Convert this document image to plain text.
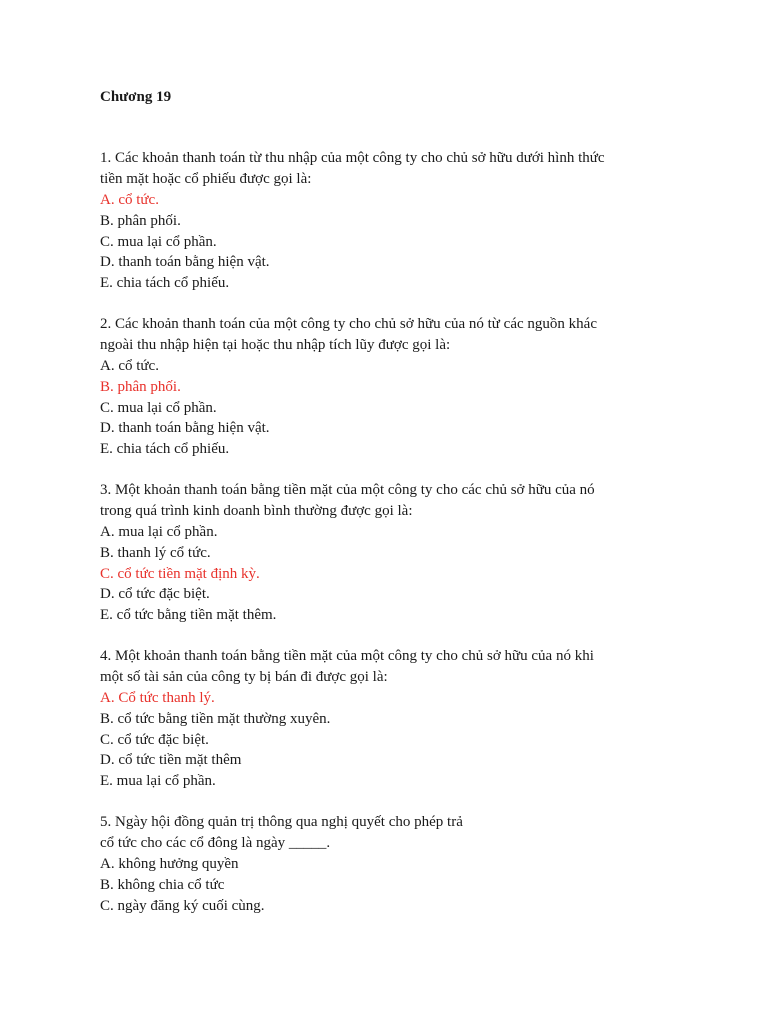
Chương 19

1. Các khoản thanh toán từ thu nhập của một công ty cho chủ sở hữu dưới hình thức

tiền mặt hoặc cổ phiếu được gọi là:

A. cổ tức.

B. phân phối.

C. mua lại cổ phần.

D. thanh toán bằng hiện vật.

E. chia tách cổ phiếu.

2. Các khoản thanh toán của một công ty cho chủ sở hữu của nó từ các nguồn khác

ngoài thu nhập hiện tại hoặc thu nhập tích lũy được gọi là:

A. cổ tức.

B. phân phối.

C. mua lại cổ phần.

D. thanh toán bằng hiện vật.

E. chia tách cổ phiếu.

3. Một khoản thanh toán bằng tiền mặt của một công ty cho các chủ sở hữu của nó

trong quá trình kinh doanh bình thường được gọi là:

A. mua lại cổ phần.

B. thanh lý cổ tức.

C. cổ tức tiền mặt định kỳ.

D. cổ tức đặc biệt.

E. cổ tức bằng tiền mặt thêm.

4. Một khoản thanh toán bằng tiền mặt của một công ty cho chủ sở hữu của nó khi

một số tài sản của công ty bị bán đi được gọi là:

A. Cổ tức thanh lý.

B. cổ tức bằng tiền mặt thường xuyên.

C. cổ tức đặc biệt.

D. cổ tức tiền mặt thêm

E. mua lại cổ phần.

5. Ngày hội đồng quản trị thông qua nghị quyết cho phép trả

cổ tức cho các cổ đông là ngày _____.

A. không hưởng quyền

B. không chia cổ tức

C. ngày đăng ký cuối cùng.
